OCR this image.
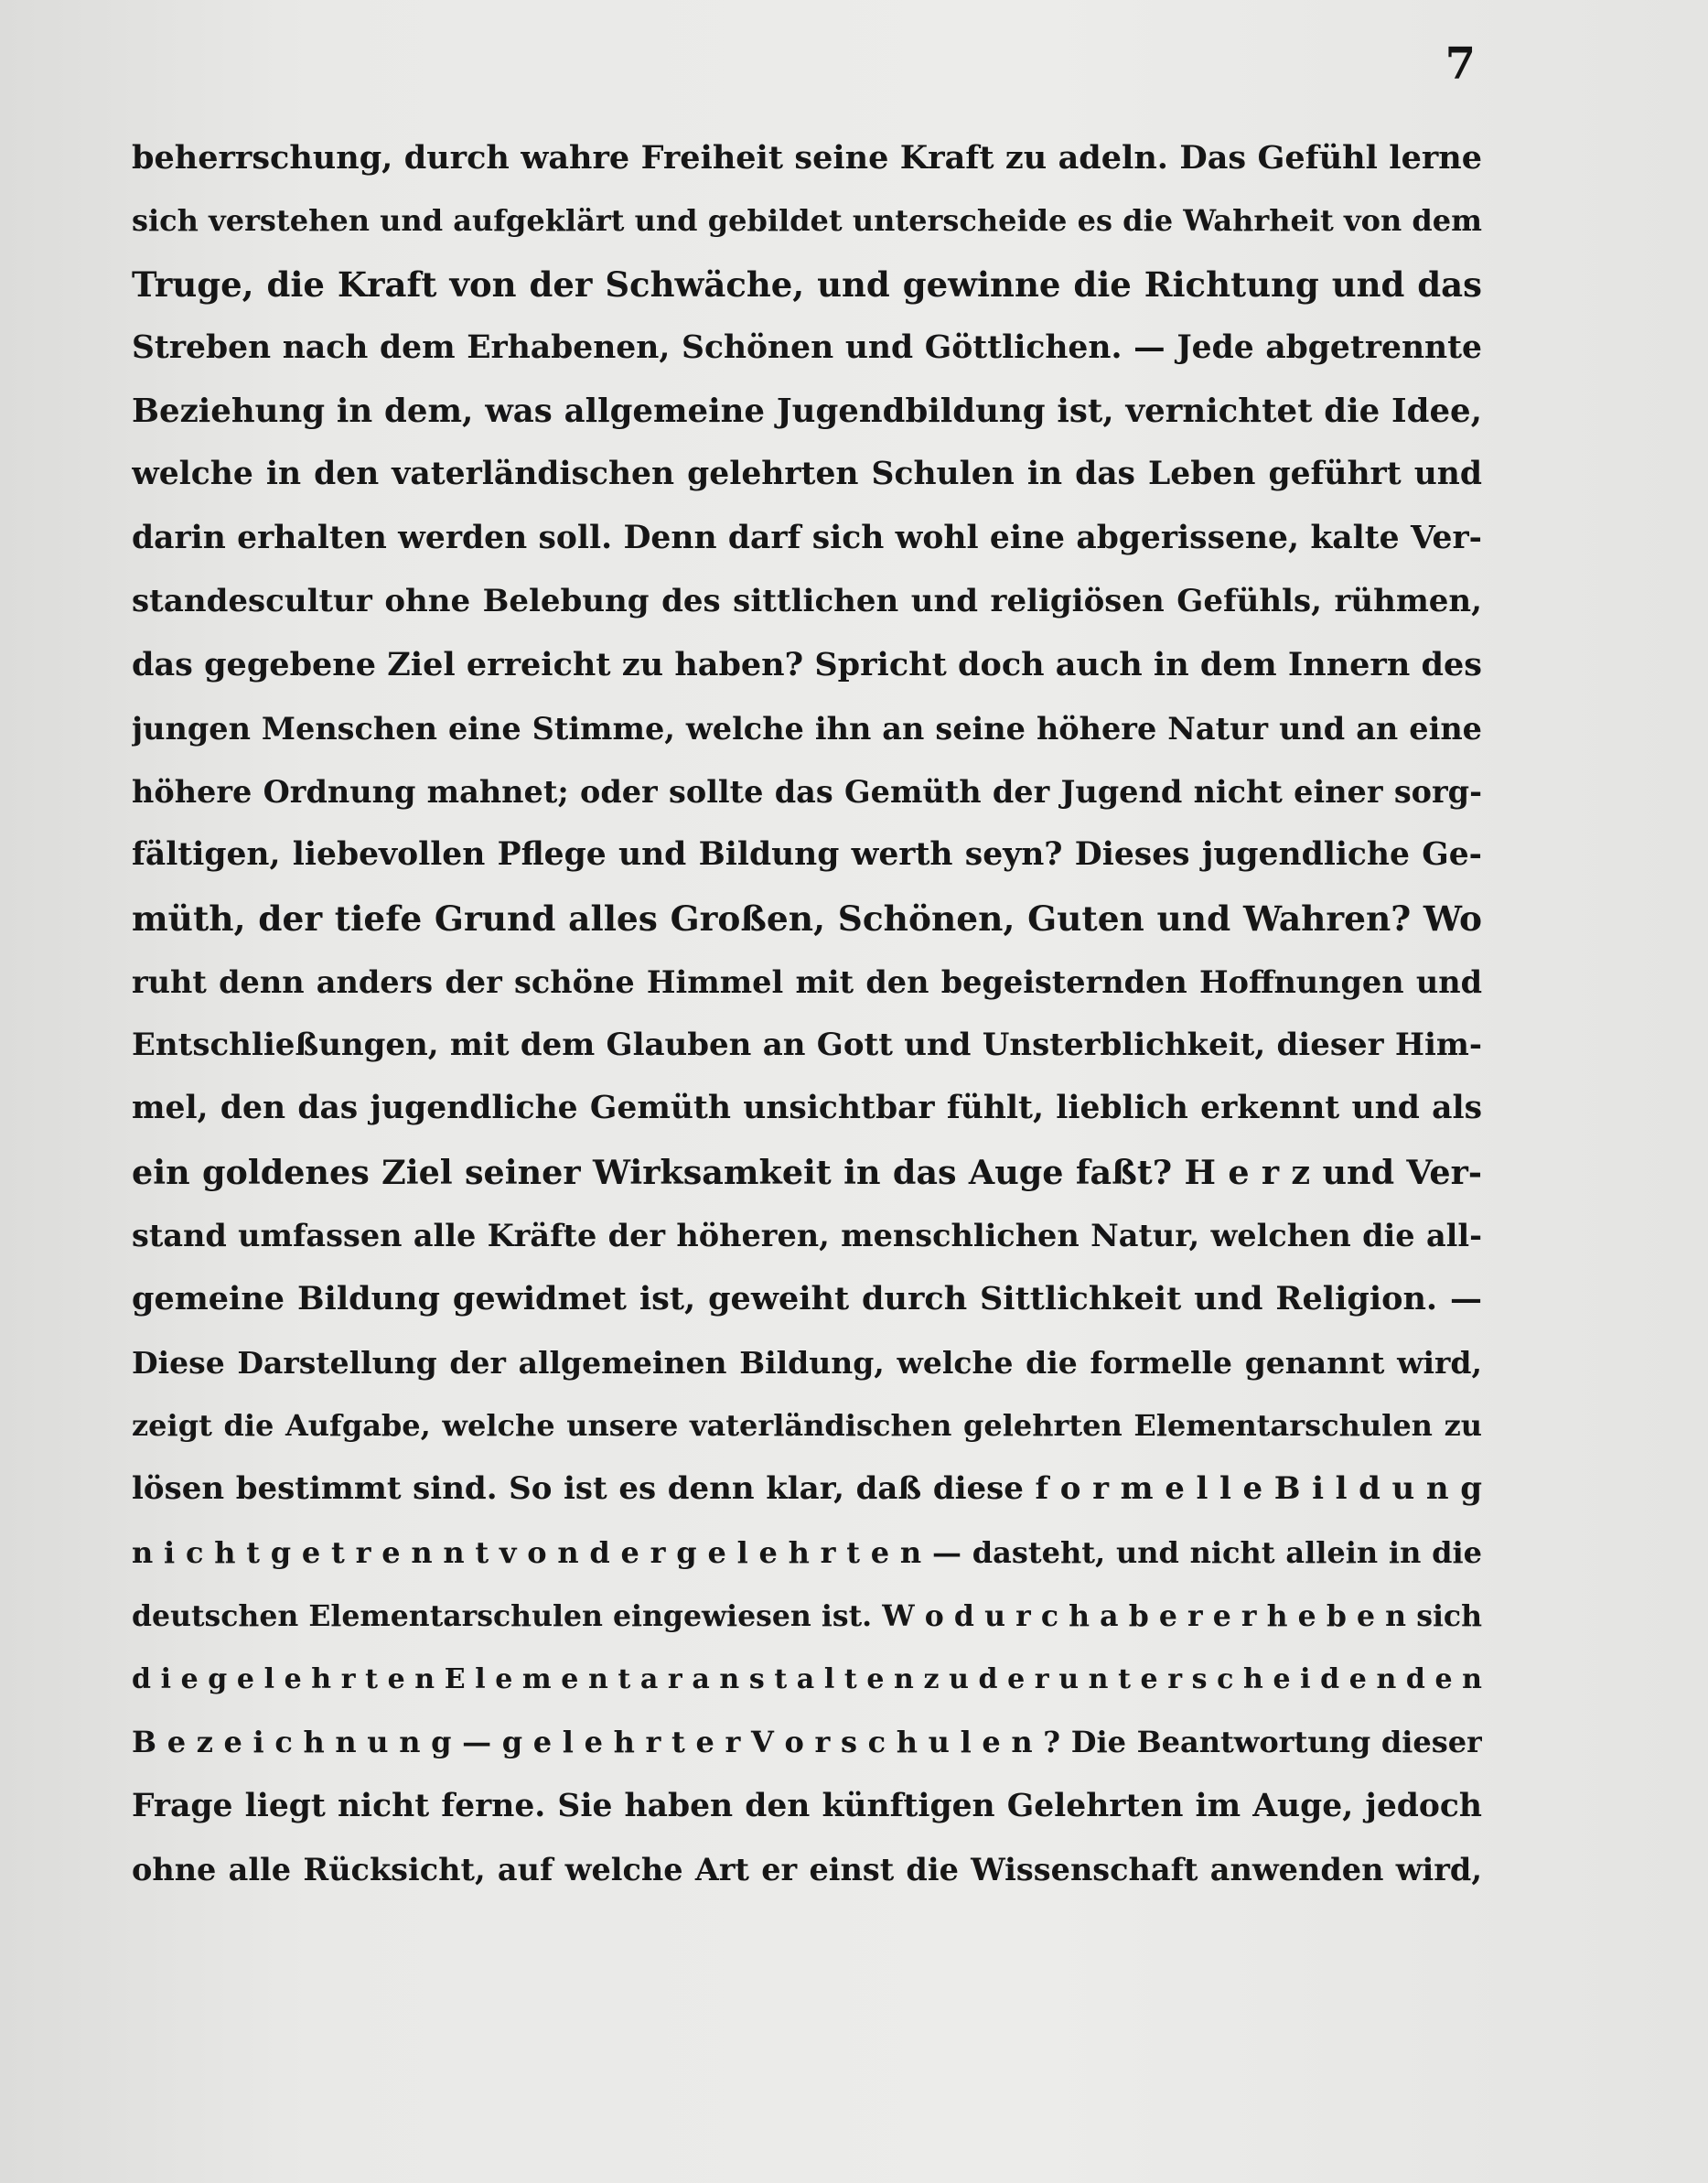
7
beherrschung, durch wahre Freiheit seine Kraft zu adeln. Das Gefühl lerne
sich verstehen und aufgeklärt und gebildet unterscheide es die Wahrheit von dem
Truge, die Kraft von der Schwäche, und gewinne die Richtung und das
Streben nach dem Erhabenen, Schönen und Göttlichen. — Jede abgetrennte
Beziehung in dem, was allgemeine Jugendbildung ist, vernichtet die Idee,
welche in den vaterländischen gelehrten Schulen in das Leben geführt und
darin erhalten werden soll. Denn darf sich wohl eine abgerissene, kalte Ver-
standescultur ohne Belebung des sittlichen und religiösen Gefühls, rühmen,
das gegebene Ziel erreicht zu haben? Spricht doch auch in dem Innern des
jungen Menschen eine Stimme, welche ihn an seine höhere Natur und an eine
höhere Ordnung mahnet; oder sollte das Gemüth der Jugend nicht einer sorg-
fältigen, liebevollen Pflege und Bildung werth seyn? Dieses jugendliche Ge-
müth, der tiefe Grund alles Großen, Schönen, Guten und Wahren? Wo
ruht denn anders der schöne Himmel mit den begeisternden Hoffnungen und
Entschließungen, mit dem Glauben an Gott und Unsterblichkeit, dieser Him-
mel, den das jugendliche Gemüth unsichtbar fühlt, lieblich erkennt und als
ein goldenes Ziel seiner Wirksamkeit in das Auge faßt? H e r z und Ver-
stand umfassen alle Kräfte der höheren, menschlichen Natur, welchen die all-
gemeine Bildung gewidmet ist, geweiht durch Sittlichkeit und Religion. —
Diese Darstellung der allgemeinen Bildung, welche die formelle genannt wird,
zeigt die Aufgabe, welche unsere vaterländischen gelehrten Elementarschulen zu
lösen bestimmt sind. So ist es denn klar, daß diese f o r m e l l e B i l d u n g
n i c h t g e t r e n n t v o n d e r g e l e h r t e n — dasteht, und nicht allein in die
deutschen Elementarschulen eingewiesen ist. W o d u r c h a b e r e r h e b e n sich
d i e g e l e h r t e n E l e m e n t a r a n s t a l t e n z u d e r u n t e r s c h e i d e n d e n
B e z e i c h n u n g — g e l e h r t e r V o r s c h u l e n ? Die Beantwortung dieser
Frage liegt nicht ferne. Sie haben den künftigen Gelehrten im Auge, jedoch
ohne alle Rücksicht, auf welche Art er einst die Wissenschaft anwenden wird,
